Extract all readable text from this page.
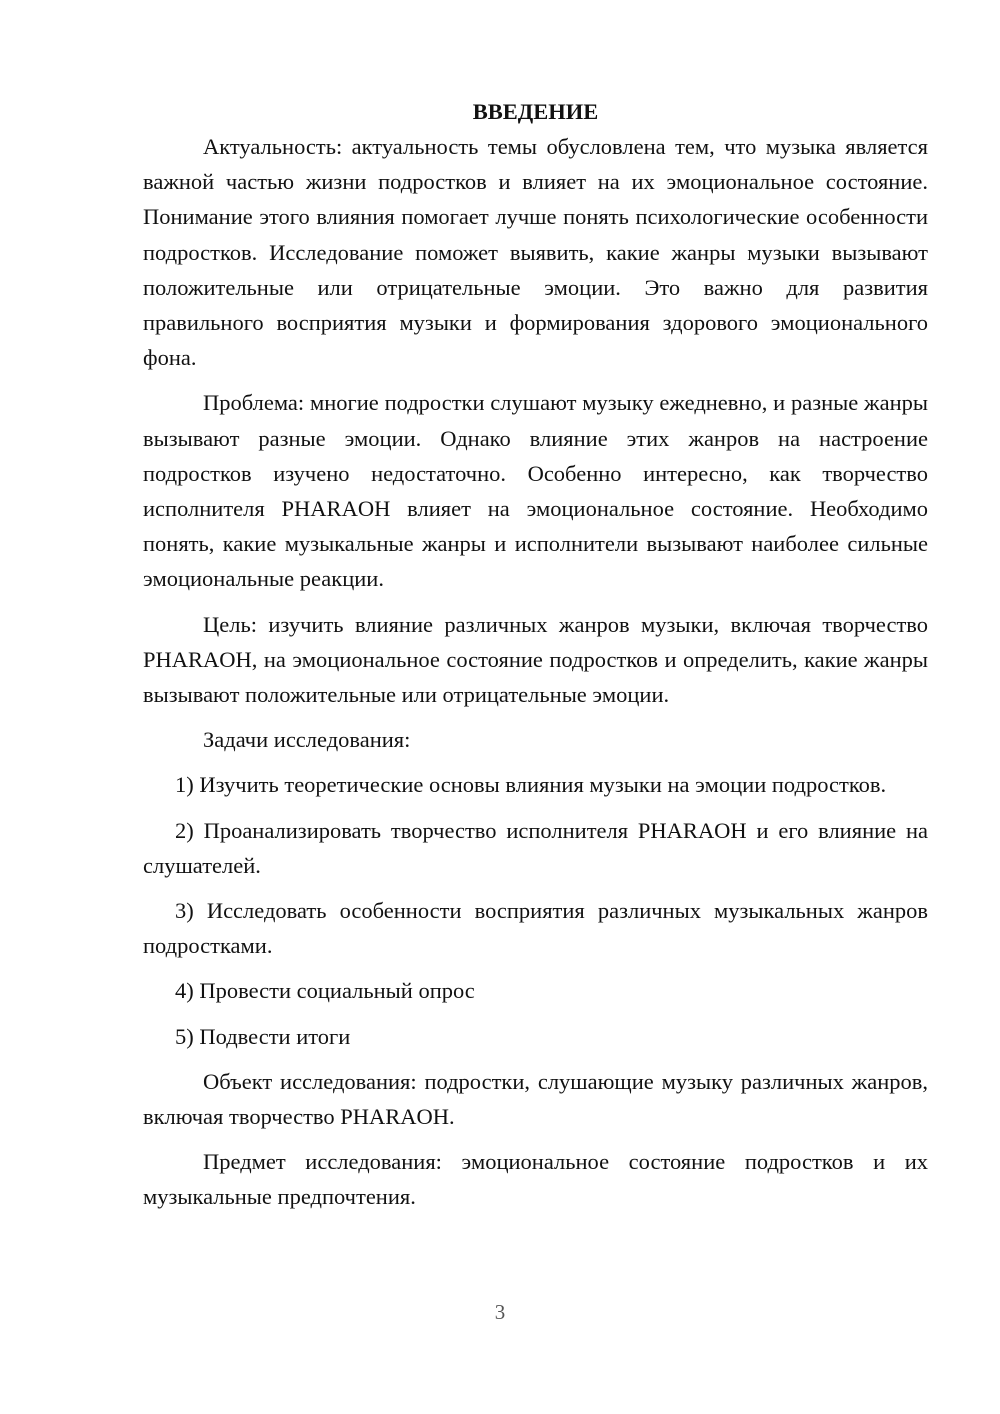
ВВЕДЕНИЕ

Актуальность: актуальность темы обусловлена тем, что музыка является важной частью жизни подростков и влияет на их эмоциональное состояние. Понимание этого влияния помогает лучше понять психологические особенности подростков. Исследование поможет выявить, какие жанры музыки вызывают положительные или отрицательные эмоции. Это важно для развития правильного восприятия музыки и формирования здорового эмоционального фона.

Проблема: многие подростки слушают музыку ежедневно, и разные жанры вызывают разные эмоции. Однако влияние этих жанров на настроение подростков изучено недостаточно. Особенно интересно, как творчество исполнителя PHARAOH влияет на эмоциональное состояние. Необходимо понять, какие музыкальные жанры и исполнители вызывают наиболее сильные эмоциональные реакции.

Цель: изучить влияние различных жанров музыки, включая творчество PHARAOH, на эмоциональное состояние подростков и определить, какие жанры вызывают положительные или отрицательные эмоции.

Задачи исследования:

1) Изучить теоретические основы влияния музыки на эмоции подростков.

2) Проанализировать творчество исполнителя PHARAOH и его влияние на слушателей.

3) Исследовать особенности восприятия различных музыкальных жанров подростками.

4) Провести социальный опрос

5) Подвести итоги

Объект исследования: подростки, слушающие музыку различных жанров, включая творчество PHARAOH.

Предмет исследования: эмоциональное состояние подростков и их музыкальные предпочтения.

3
